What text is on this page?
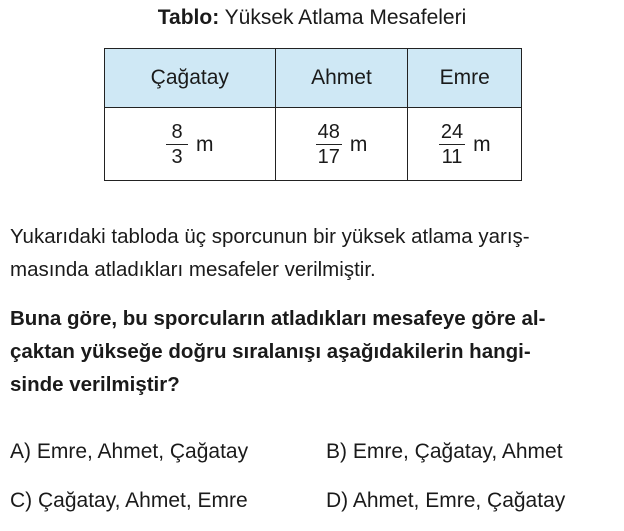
Tablo: Yüksek Atlama Mesafeleri
Çağatay	Ahmet	Emre

$\frac{8}{3}$ m	$\frac{48}{17}$ m	$\frac{24}{11}$ m
Yukarıdaki tabloda üç sporcunun bir yüksek atlama yarış-
masında atladıkları mesafeler verilmiştir.
Buna göre, bu sporcuların atladıkları mesafeye göre al-
çaktan yükseğe doğru sıralanışı aşağıdakilerin hangi-
sinde verilmiştir?
A) Emre, Ahmet, Çağatay	B) Emre, Çağatay, Ahmet
C) Çağatay, Ahmet, Emre	D) Ahmet, Emre, Çağatay
